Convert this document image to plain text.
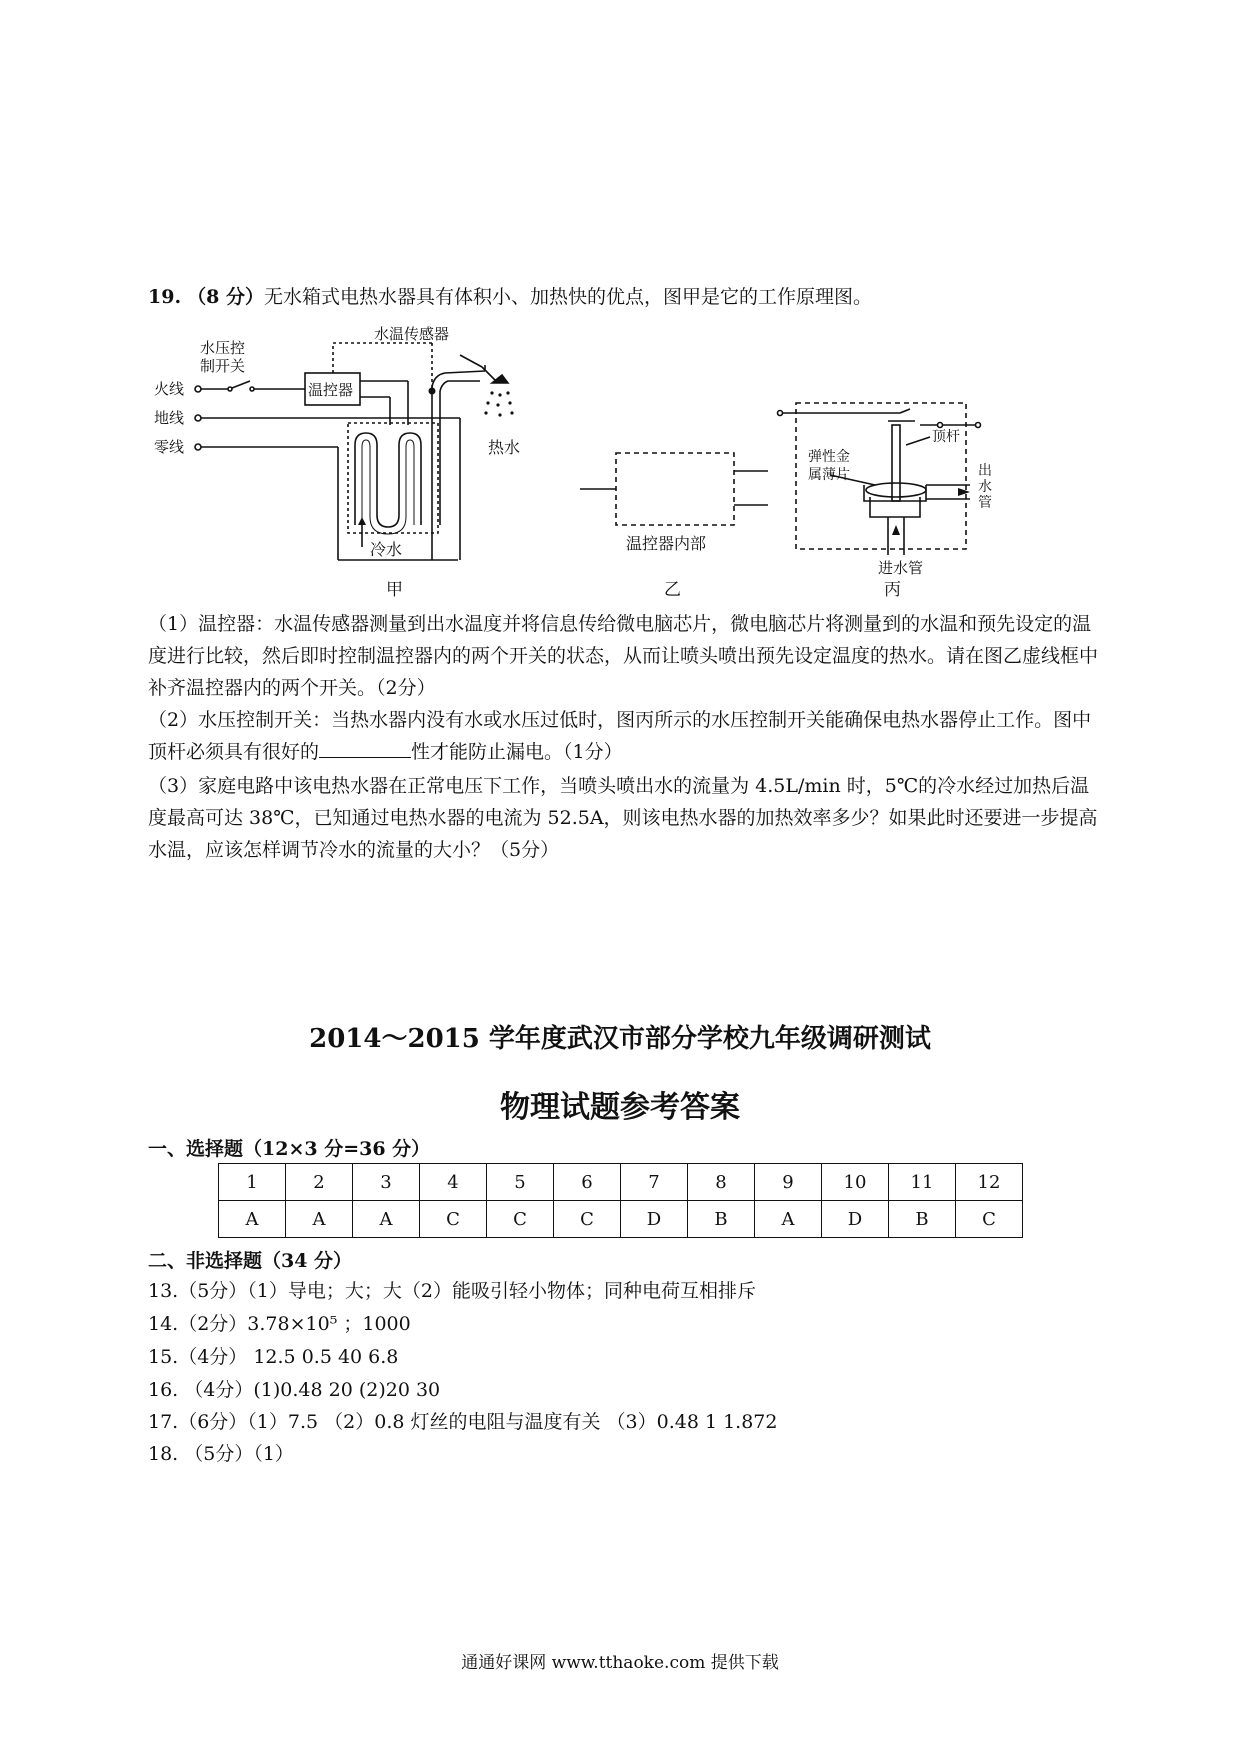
19. （8 分）无水箱式电热水器具有体积小、加热快的优点，图甲是它的工作原理图。
水压控
制开关
火线
地线
零线
温控器
水温传感器
热水
冷水
甲
温控器内部
乙
弹性金
属薄片
顶杆
出
水
管
进水管
丙
（1）温控器：水温传感器测量到出水温度并将信息传给微电脑芯片，微电脑芯片将测量到的水温和预先设定的温度进行比较，然后即时控制温控器内的两个开关的状态，从而让喷头喷出预先设定温度的热水。请在图乙虚线框中补齐温控器内的两个开关。（2分）
（2）水压控制开关：当热水器内没有水或水压过低时，图丙所示的水压控制开关能确保电热水器停止工作。图中顶杆必须具有很好的	性才能防止漏电。（1分）
（3）家庭电路中该电热水器在正常电压下工作，当喷头喷出水的流量为 4.5L/min 时，5℃的冷水经过加热后温度最高可达 38℃，已知通过电热水器的电流为 52.5A，则该电热水器的加热效率多少？如果此时还要进一步提高水温，应该怎样调节冷水的流量的大小？（5分）
2014～2015 学年度武汉市部分学校九年级调研测试
物理试题参考答案
一、选择题（12×3 分=36 分）
1	2	3	4	5	6	7	8	9	10	11	12
A	A	A	C	C	C	D	B	A	D	B	C
二、非选择题（34 分）
13.（5分）（1）导电；大；大（2）能吸引轻小物体；同种电荷互相排斥
14.（2分）3.78×10⁵ ；1000
15.（4分） 12.5 0.5 40 6.8
16. （4分）(1)0.48 20 (2)20 30
17.（6分）（1）7.5 （2）0.8 灯丝的电阻与温度有关 （3）0.48 1 1.872
18. （5分）（1）
通通好课网 www.tthaoke.com 提供下载
